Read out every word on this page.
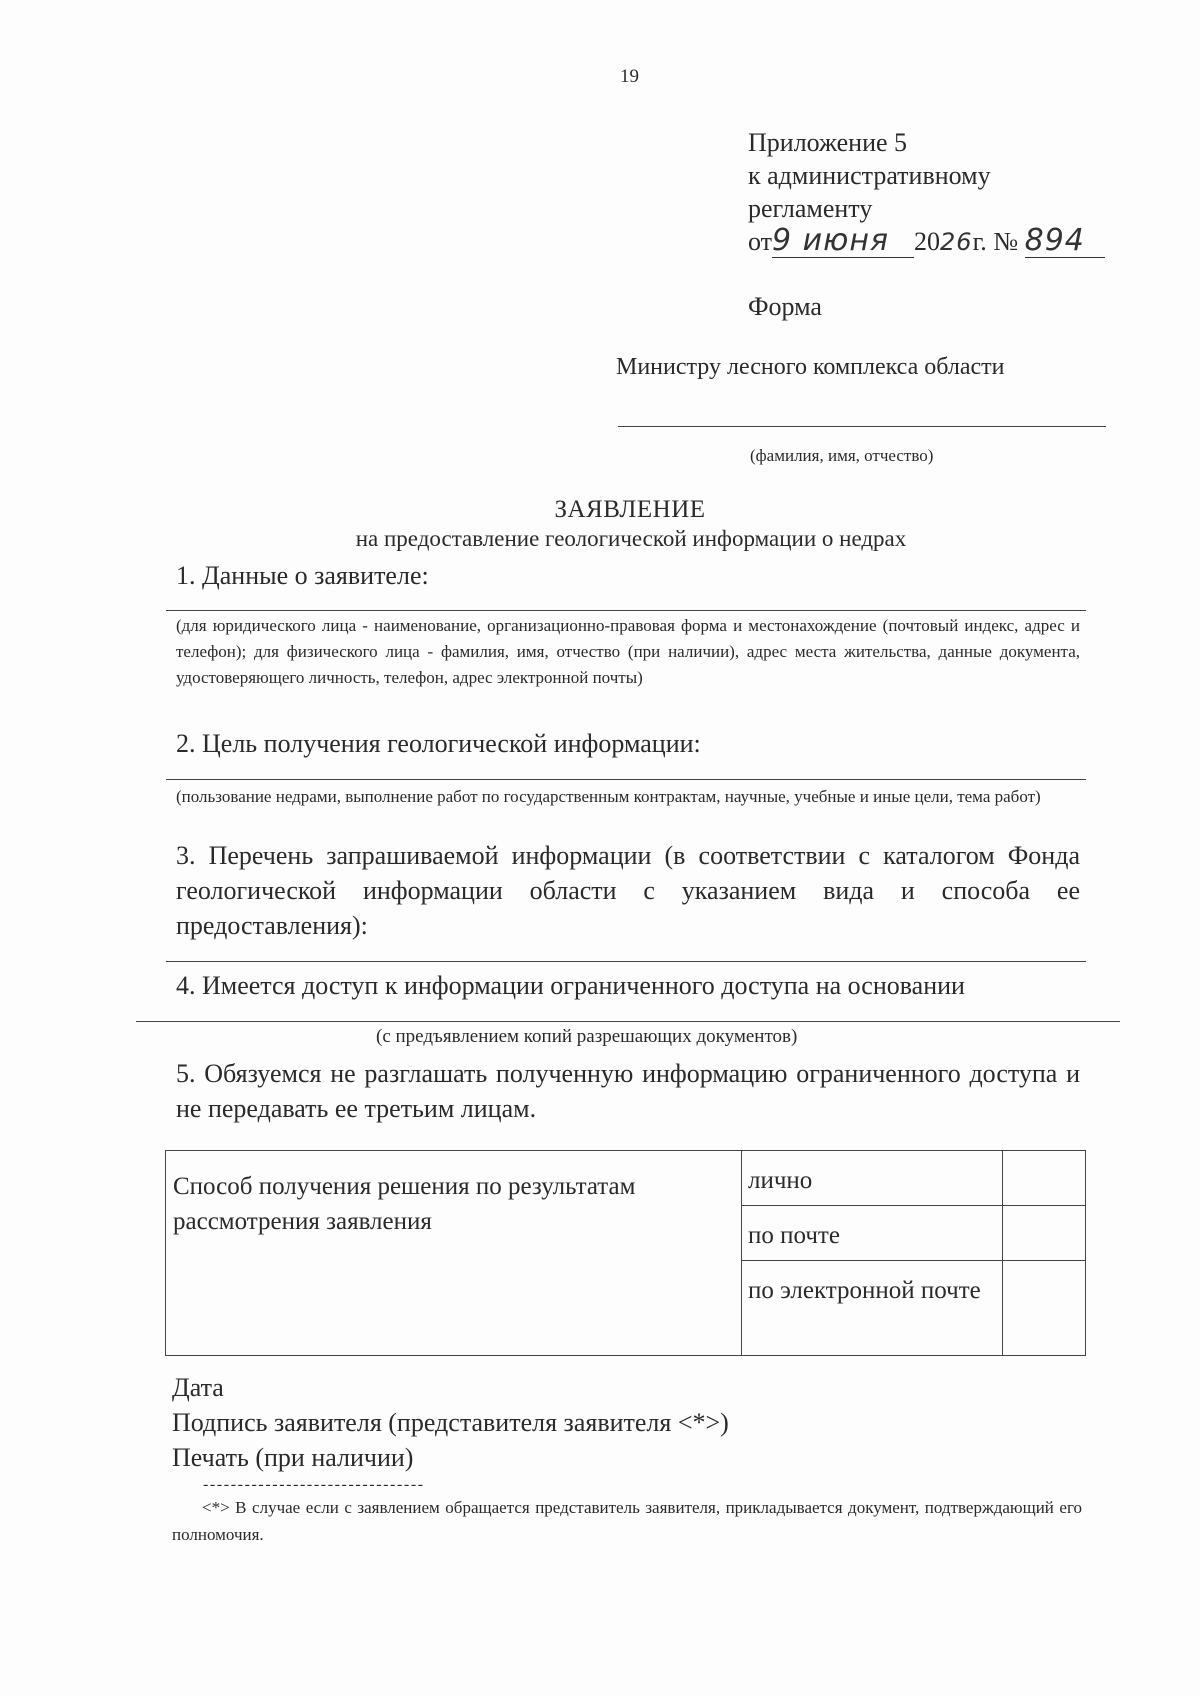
19
Приложение 5
к административному
регламенту
от9 июня 2026г. № 894
Форма
Министру лесного комплекса области
(фамилия, имя, отчество)
ЗАЯВЛЕНИЕ
на предоставление геологической информации о недрах
1. Данные о заявителе:
(для юридического лица - наименование, организационно-правовая форма и местонахождение (почтовый индекс, адрес и телефон); для физического лица - фамилия, имя, отчество (при наличии), адрес места жительства, данные документа, удостоверяющего личность, телефон, адрес электронной почты)
2. Цель получения геологической информации:
(пользование недрами, выполнение работ по государственным контрактам, научные, учебные и иные цели, тема работ)
3. Перечень запрашиваемой информации (в соответствии с каталогом Фонда геологической информации области с указанием вида и способа ее предоставления):
4. Имеется доступ к информации ограниченного доступа на основании
(с предъявлением копий разрешающих документов)
5. Обязуемся не разглашать полученную информацию ограниченного доступа и не передавать ее третьим лицам.
Способ получения решения по результатам рассмотрения заявления	лично	
	по почте	
	по электронной почте	
Дата
Подпись заявителя (представителя заявителя <*>)
Печать (при наличии)
--------------------------------
<*> В случае если с заявлением обращается представитель заявителя, прикладывается документ, подтверждающий его полномочия.
